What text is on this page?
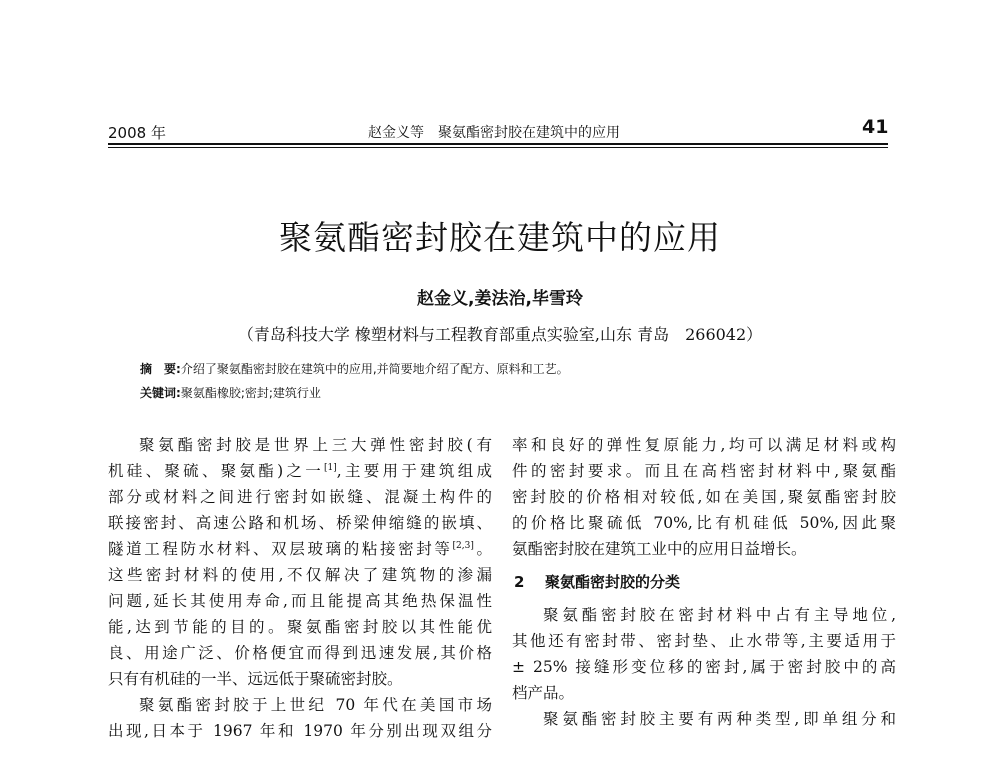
2008 年	赵金义等　聚氨酯密封胶在建筑中的应用	41
聚氨酯密封胶在建筑中的应用
赵金义,姜法治,毕雪玲
（青岛科技大学 橡塑材料与工程教育部重点实验室,山东 青岛　266042）
摘　要:介绍了聚氨酯密封胶在建筑中的应用,并简要地介绍了配方、原料和工艺。
关键词:聚氨酯橡胶;密封;建筑行业
聚氨酯密封胶是世界上三大弹性密封胶(有
机硅、聚硫、聚氨酯)之一[1],主要用于建筑组成
部分或材料之间进行密封如嵌缝、混凝土构件的
联接密封、高速公路和机场、桥梁伸缩缝的嵌填、
隧道工程防水材料、双层玻璃的粘接密封等[2,3]。
这些密封材料的使用,不仅解决了建筑物的渗漏
问题,延长其使用寿命,而且能提高其绝热保温性
能,达到节能的目的。聚氨酯密封胶以其性能优
良、用途广泛、价格便宜而得到迅速发展,其价格
只有有机硅的一半、远远低于聚硫密封胶。
聚氨酯密封胶于上世纪 70 年代在美国市场
出现,日本于 1967 年和 1970 年分别出现双组分
率和良好的弹性复原能力,均可以满足材料或构
件的密封要求。而且在高档密封材料中,聚氨酯
密封胶的价格相对较低,如在美国,聚氨酯密封胶
的价格比聚硫低 70%,比有机硅低 50%,因此聚
氨酯密封胶在建筑工业中的应用日益增长。
2 聚氨酯密封胶的分类
聚氨酯密封胶在密封材料中占有主导地位,
其他还有密封带、密封垫、止水带等,主要适用于
± 25% 接缝形变位移的密封,属于密封胶中的高
档产品。
聚氨酯密封胶主要有两种类型,即单组分和
